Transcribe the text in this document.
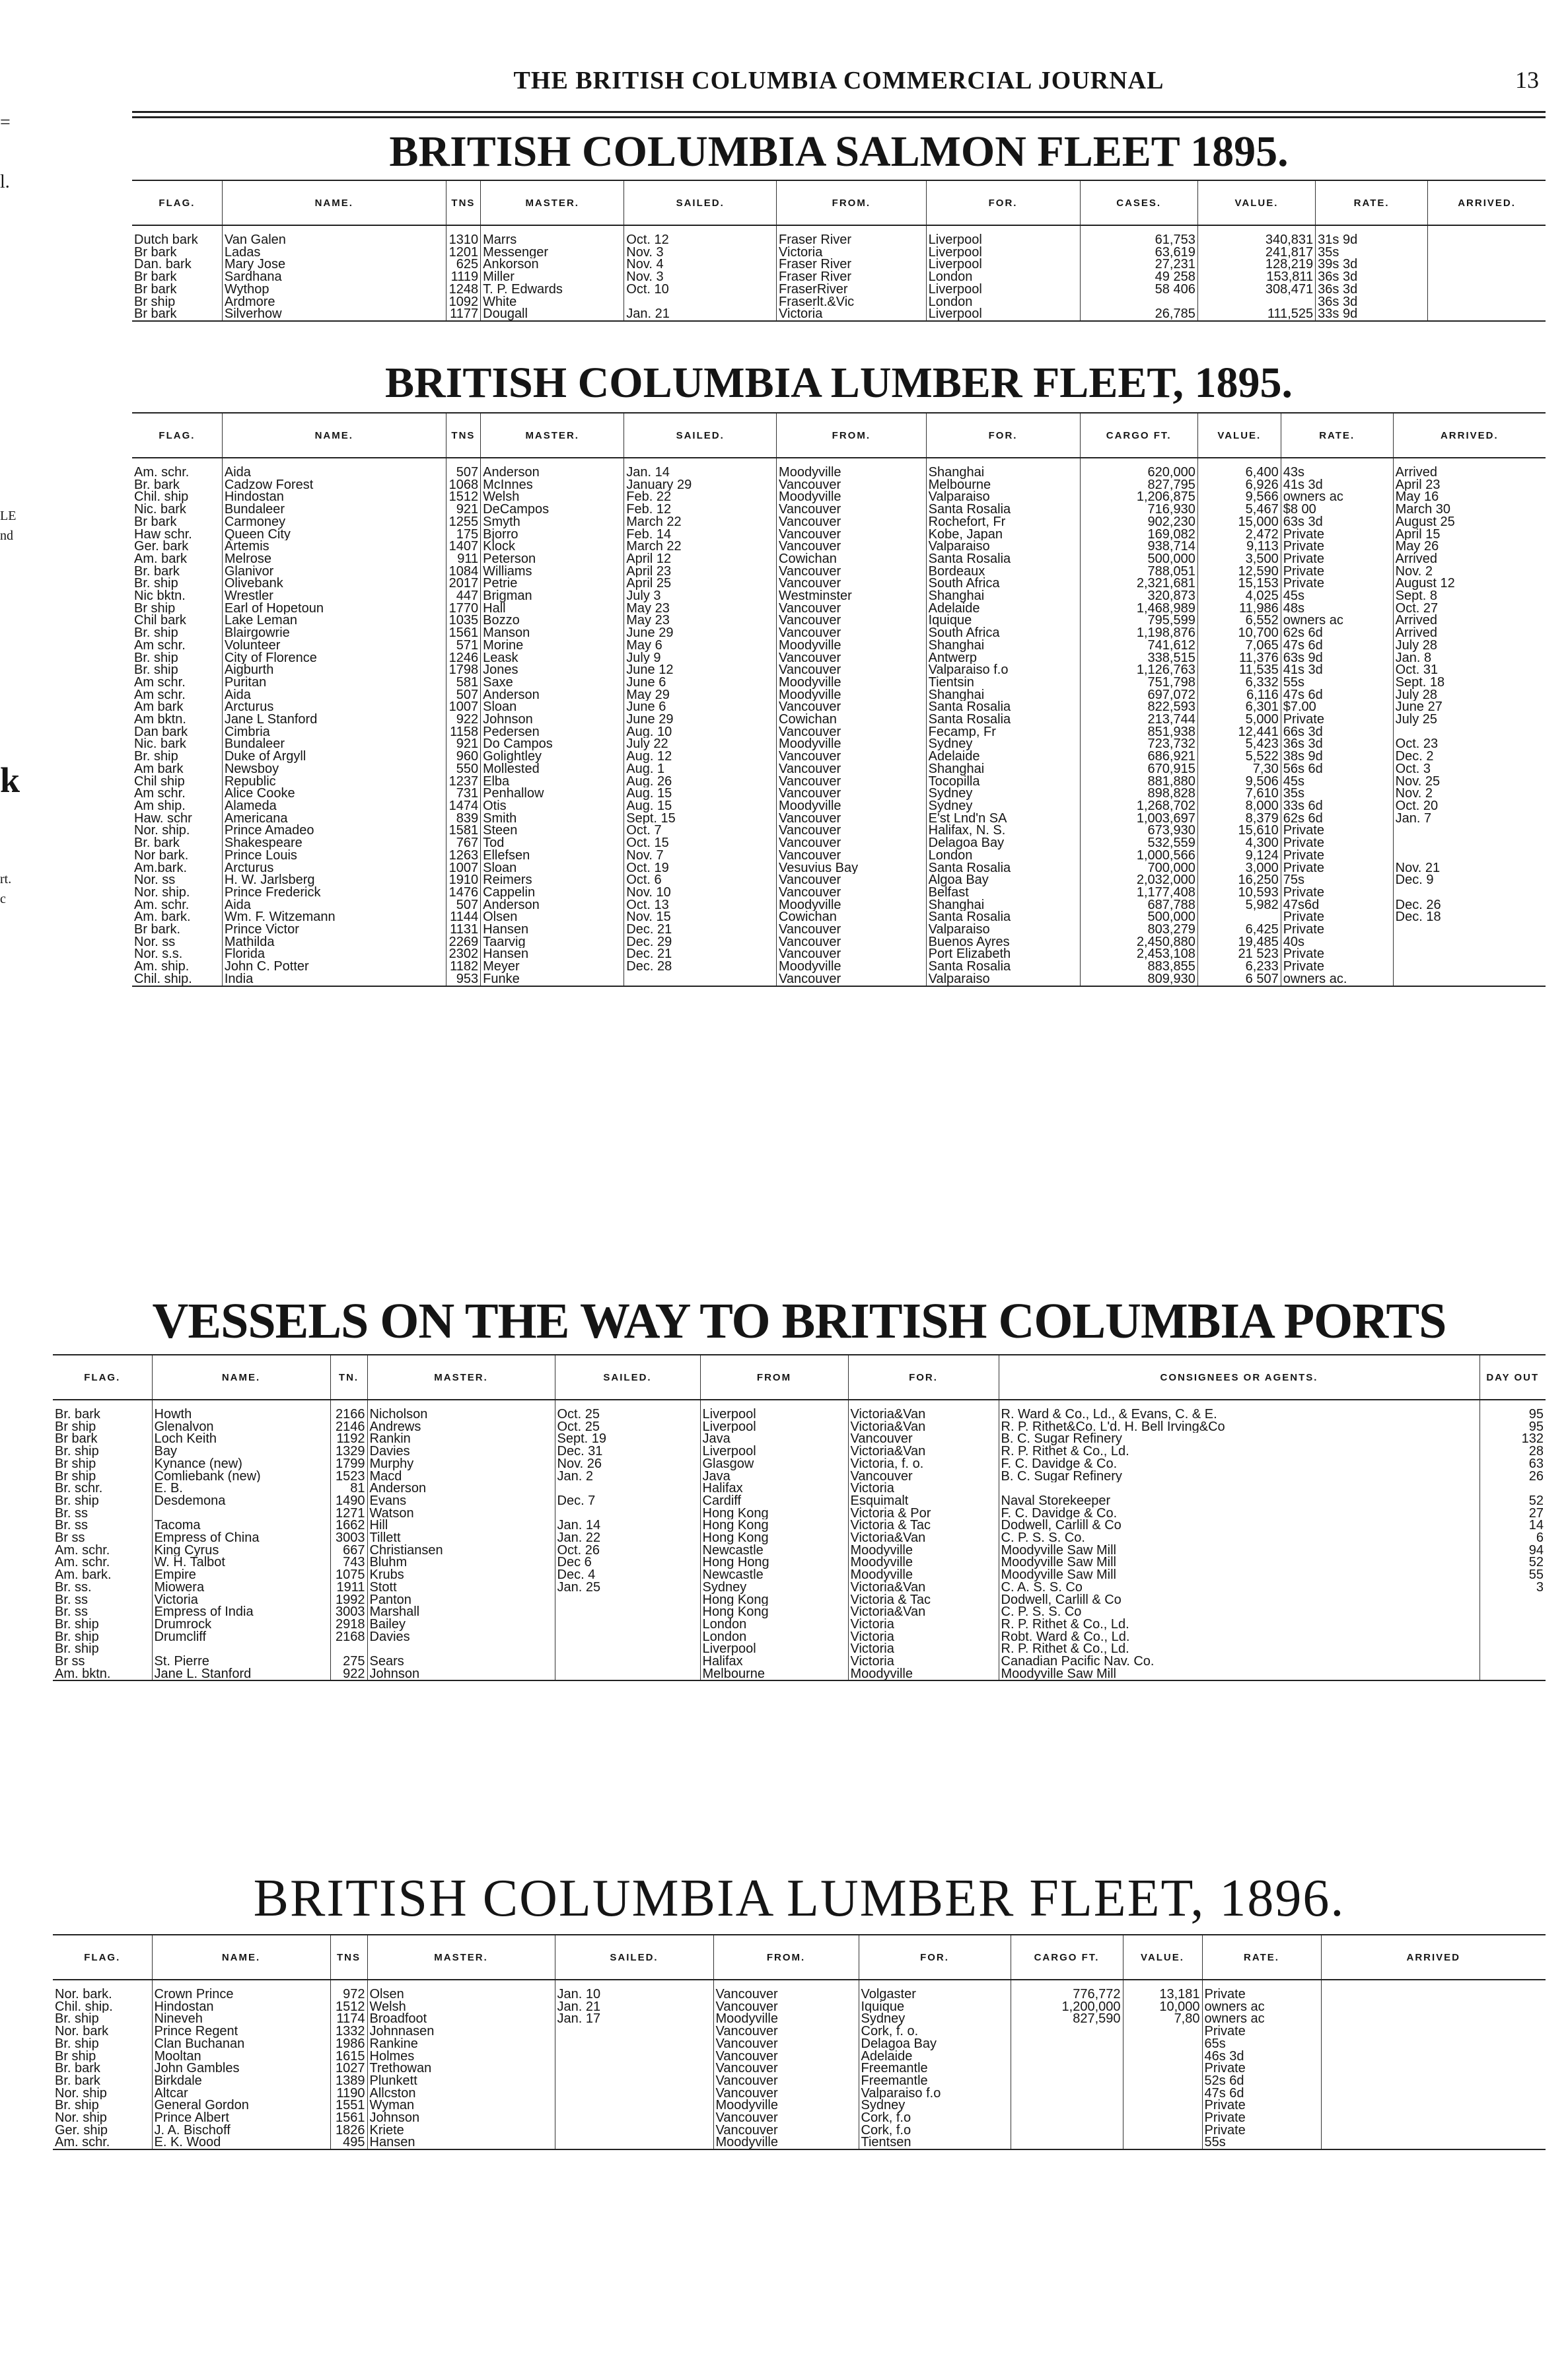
=
l.
LE
nd
k
rt.
c
THE BRITISH COLUMBIA COMMERCIAL JOURNAL	13
BRITISH COLUMBIA SALMON FLEET 1895.
FLAG.	NAME.	TNS	MASTER.	SAILED.	FROM.	FOR.	CASES.	VALUE.	RATE.	ARRIVED.
Dutch bark	Van Galen	1310	Marrs	Oct. 12	Fraser River	Liverpool	61,753	340,831	31s 9d	
Br bark	Ladas	1201	Messenger	Nov. 3	Victoria	Liverpool	63,619	241,817	35s	
Dan. bark	Mary Jose	625	Ankorson	Nov. 4	Fraser River	Liverpool	27,231	128,219	39s 3d	
Br bark	Sardhana	1119	Miller	Nov. 3	Fraser River	London	49 258	153,811	36s 3d	
Br bark	Wythop	1248	T. P. Edwards	Oct. 10	FraserRiver	Liverpool	58 406	308,471	36s 3d	
Br ship	Ardmore	1092	White		Fraserlt.&Vic	London			36s 3d	
Br bark	Silverhow	1177	Dougall	Jan. 21	Victoria	Liverpool	26,785	111,525	33s 9d	
BRITISH COLUMBIA LUMBER FLEET, 1895.
FLAG.	NAME.	TNS	MASTER.	SAILED.	FROM.	FOR.	CARGO FT.	VALUE.	RATE.	ARRIVED.
Am. schr.	Aida	507	Anderson	Jan. 14	Moodyville	Shanghai	620,000	6,400	43s	Arrived
Br. bark	Cadzow Forest	1068	McInnes	January 29	Vancouver	Melbourne	827,795	6,926	41s 3d	April 23
Chil. ship	Hindostan	1512	Welsh	Feb. 22	Moodyville	Valparaiso	1,206,875	9,566	owners ac	May 16
Nic. bark	Bundaleer	921	DeCampos	Feb. 12	Vancouver	Santa Rosalia	716,930	5,467	$8 00	March 30
Br bark	Carmoney	1255	Smyth	March 22	Vancouver	Rochefort, Fr	902,230	15,000	63s 3d	August 25
Haw schr.	Queen City	175	Bjorro	Feb. 14	Vancouver	Kobe, Japan	169,082	2,472	Private	April 15
Ger. bark	Artemis	1407	Klock	March 22	Vancouver	Valparaiso	938,714	9,113	Private	May 26
Am. bark	Melrose	911	Peterson	April 12	Cowichan	Santa Rosalia	500,000	3,500	Private	Arrived
Br. bark	Glanivor	1084	Williams	April 23	Vancouver	Bordeaux	788,051	12,590	Private	Nov. 2
Br. ship	Olivebank	2017	Petrie	April 25	Vancouver	South Africa	2,321,681	15,153	Private	August 12
Nic bktn.	Wrestler	447	Brigman	July 3	Westminster	Shanghai	320,873	4,025	45s	Sept. 8
Br ship	Earl of Hopetoun	1770	Hall	May 23	Vancouver	Adelaide	1,468,989	11,986	48s	Oct. 27
Chil bark	Lake Leman	1035	Bozzo	May 23	Vancouver	Iquique	795,599	6,552	owners ac	Arrived
Br. ship	Blairgowrie	1561	Manson	June 29	Vancouver	South Africa	1,198,876	10,700	62s 6d	Arrived
Am schr.	Volunteer	571	Morine	May 6	Moodyville	Shanghai	741,612	7,065	47s 6d	July 28
Br. ship	City of Florence	1246	Leask	July 9	Vancouver	Antwerp	338,515	11,376	63s 9d	Jan. 8
Br. ship	Aigburth	1798	Jones	June 12	Vancouver	Valparaiso f.o	1,126,763	11,535	41s 3d	Oct. 31
Am schr.	Puritan	581	Saxe	June 6	Moodyville	Tientsin	751,798	6,332	55s	Sept. 18
Am schr.	Aida	507	Anderson	May 29	Moodyville	Shanghai	697,072	6,116	47s 6d	July 28
Am bark	Arcturus	1007	Sloan	June 6	Vancouver	Santa Rosalia	822,593	6,301	$7.00	June 27
Am bktn.	Jane L Stanford	922	Johnson	June 29	Cowichan	Santa Rosalia	213,744	5,000	Private	July 25
Dan bark	Cimbria	1158	Pedersen	Aug. 10	Vancouver	Fecamp, Fr	851,938	12,441	66s 3d	
Nic. bark	Bundaleer	921	Do Campos	July 22	Moodyville	Sydney	723,732	5,423	36s 3d	Oct. 23
Br. ship	Duke of Argyll	960	Golightley	Aug. 12	Vancouver	Adelaide	686,921	5,522	38s 9d	Dec. 2
Am bark	Newsboy	550	Mollested	Aug. 1	Vancouver	Shanghai	670,915	7,30	56s 6d	Oct. 3
Chil ship	Republic	1237	Elba	Aug. 26	Vancouver	Tocopilla	881,880	9,506	45s	Nov. 25
Am schr.	Alice Cooke	731	Penhallow	Aug. 15	Vancouver	Sydney	898,828	7,610	35s	Nov. 2
Am ship.	Alameda	1474	Otis	Aug. 15	Moodyville	Sydney	1,268,702	8,000	33s 6d	Oct. 20
Haw. schr	Americana	839	Smith	Sept. 15	Vancouver	E'st Lnd'n SA	1,003,697	8,379	62s 6d	Jan. 7
Nor. ship.	Prince Amadeo	1581	Steen	Oct. 7	Vancouver	Halifax, N. S.	673,930	15,610	Private	
Br. bark	Shakespeare	767	Tod	Oct. 15	Vancouver	Delagoa Bay	532,559	4,300	Private	
Nor bark.	Prince Louis	1263	Ellefsen	Nov. 7	Vancouver	London	1,000,566	9,124	Private	
Am.bark.	Arcturus	1007	Sloan	Oct. 19	Vesuvius Bay	Santa Rosalia	700,000	3,000	Private	Nov. 21
Nor. ss	H. W. Jarlsberg	1910	Reimers	Oct. 6	Vancouver	Algoa Bay	2,032,000	16,250	75s	Dec. 9
Nor. ship.	Prince Frederick	1476	Cappelin	Nov. 10	Vancouver	Belfast	1,177,408	10,593	Private	
Am. schr.	Aida	507	Anderson	Oct. 13	Moodyville	Shanghai	687,788	5,982	47s6d	Dec. 26
Am. bark.	Wm. F. Witzemann	1144	Olsen	Nov. 15	Cowichan	Santa Rosalia	500,000		Private	Dec. 18
Br bark.	Prince Victor	1131	Hansen	Dec. 21	Vancouver	Valparaiso	803,279	6,425	Private	
Nor. ss	Mathilda	2269	Taarvig	Dec. 29	Vancouver	Buenos Ayres	2,450,880	19,485	40s	
Nor. s.s.	Florida	2302	Hansen	Dec. 21	Vancouver	Port Elizabeth	2,453,108	21 523	Private	
Am. ship.	John C. Potter	1182	Meyer	Dec. 28	Moodyville	Santa Rosalia	883,855	6,233	Private	
Chil. ship.	India	953	Funke		Vancouver	Valparaiso	809,930	6 507	owners ac.	
VESSELS ON THE WAY TO BRITISH COLUMBIA PORTS
FLAG.	NAME.	TN.	MASTER.	SAILED.	FROM	FOR.	CONSIGNEES OR AGENTS.	DAY OUT
Br. bark	Howth	2166	Nicholson	Oct. 25	Liverpool	Victoria&Van	R. Ward & Co., Ld., & Evans, C. & E.	95
Br ship	Glenalvon	2146	Andrews	Oct. 25	Liverpool	Victoria&Van	R. P. Rithet&Co. L'd. H. Bell Irving&Co	95
Br bark	Loch Keith	1192	Rankin	Sept. 19	Java	Vancouver	B. C. Sugar Refinery	132
Br. ship	Bay	1329	Davies	Dec. 31	Liverpool	Victoria&Van	R. P. Rithet & Co., Ld.	28
Br ship	Kynance (new)	1799	Murphy	Nov. 26	Glasgow	Victoria, f. o.	F. C. Davidge & Co.	63
Br ship	Comliebank (new)	1523	Macd	Jan. 2	Java	Vancouver	B. C. Sugar Refinery	26
Br. schr.	E. B.	81	Anderson		Halifax	Victoria		
Br. ship	Desdemona	1490	Evans	Dec. 7	Cardiff	Esquimalt	Naval Storekeeper	52
Br. ss		1271	Watson		Hong Kong	Victoria & Por	F. C. Davidge & Co.	27
Br. ss	Tacoma	1662	Hill	Jan. 14	Hong Kong	Victoria & Tac	Dodwell, Carlill & Co	14
Br ss	Empress of China	3003	Tillett	Jan. 22	Hong Kong	Victoria&Van	C. P. S. S. Co.	6
Am. schr.	King Cyrus	667	Christiansen	Oct. 26	Newcastle	Moodyville	Moodyville Saw Mill	94
Am. schr.	W. H. Talbot	743	Bluhm	Dec 6	Hong Hong	Moodyville	Moodyville Saw Mill	52
Am. bark.	Empire	1075	Krubs	Dec. 4	Newcastle	Moodyville	Moodyville Saw Mill	55
Br. ss.	Miowera	1911	Stott	Jan. 25	Sydney	Victoria&Van	C. A. S. S. Co	3
Br. ss	Victoria	1992	Panton		Hong Kong	Victoria & Tac	Dodwell, Carlill & Co	
Br. ss	Empress of India	3003	Marshall		Hong Kong	Victoria&Van	C. P. S. S. Co	
Br. ship	Drumrock	2918	Bailey		London	Victoria	R. P. Rithet & Co., Ld.	
Br. ship	Drumcliff	2168	Davies		London	Victoria	Robt. Ward & Co., Ld.	
Br. ship					Liverpool	Victoria	R. P. Rithet & Co., Ld.	
Br ss	St. Pierre	275	Sears		Halifax	Victoria	Canadian Pacific Nav. Co.	
Am. bktn.	Jane L. Stanford	922	Johnson		Melbourne	Moodyville	Moodyville Saw Mill	
BRITISH COLUMBIA LUMBER FLEET, 1896.
FLAG.	NAME.	TNS	MASTER.	SAILED.	FROM.	FOR.	CARGO FT.	VALUE.	RATE.	ARRIVED
Nor. bark.	Crown Prince	972	Olsen	Jan. 10	Vancouver	Volgaster	776,772	13,181	Private	
Chil. ship.	Hindostan	1512	Welsh	Jan. 21	Vancouver	Iquique	1,200,000	10,000	owners ac	
Br. ship	Nineveh	1174	Broadfoot	Jan. 17	Moodyville	Sydney	827,590	7,80	owners ac	
Nor. bark	Prince Regent	1332	Johnnasen		Vancouver	Cork, f. o.			Private	
Br. ship	Clan Buchanan	1986	Rankine		Vancouver	Delagoa Bay			65s	
Br ship	Mooltan	1615	Holmes		Vancouver	Adelaide			46s 3d	
Br. bark	John Gambles	1027	Trethowan		Vancouver	Freemantle			Private	
Br. bark	Birkdale	1389	Plunkett		Vancouver	Freemantle			52s 6d	
Nor. ship	Altcar	1190	Allcston		Vancouver	Valparaiso f.o			47s 6d	
Br. ship	General Gordon	1551	Wyman		Moodyville	Sydney			Private	
Nor. ship	Prince Albert	1561	Johnson		Vancouver	Cork, f.o			Private	
Ger. ship	J. A. Bischoff	1826	Kriete		Vancouver	Cork, f.o			Private	
Am. schr.	E. K. Wood	495	Hansen		Moodyville	Tientsen			55s	
